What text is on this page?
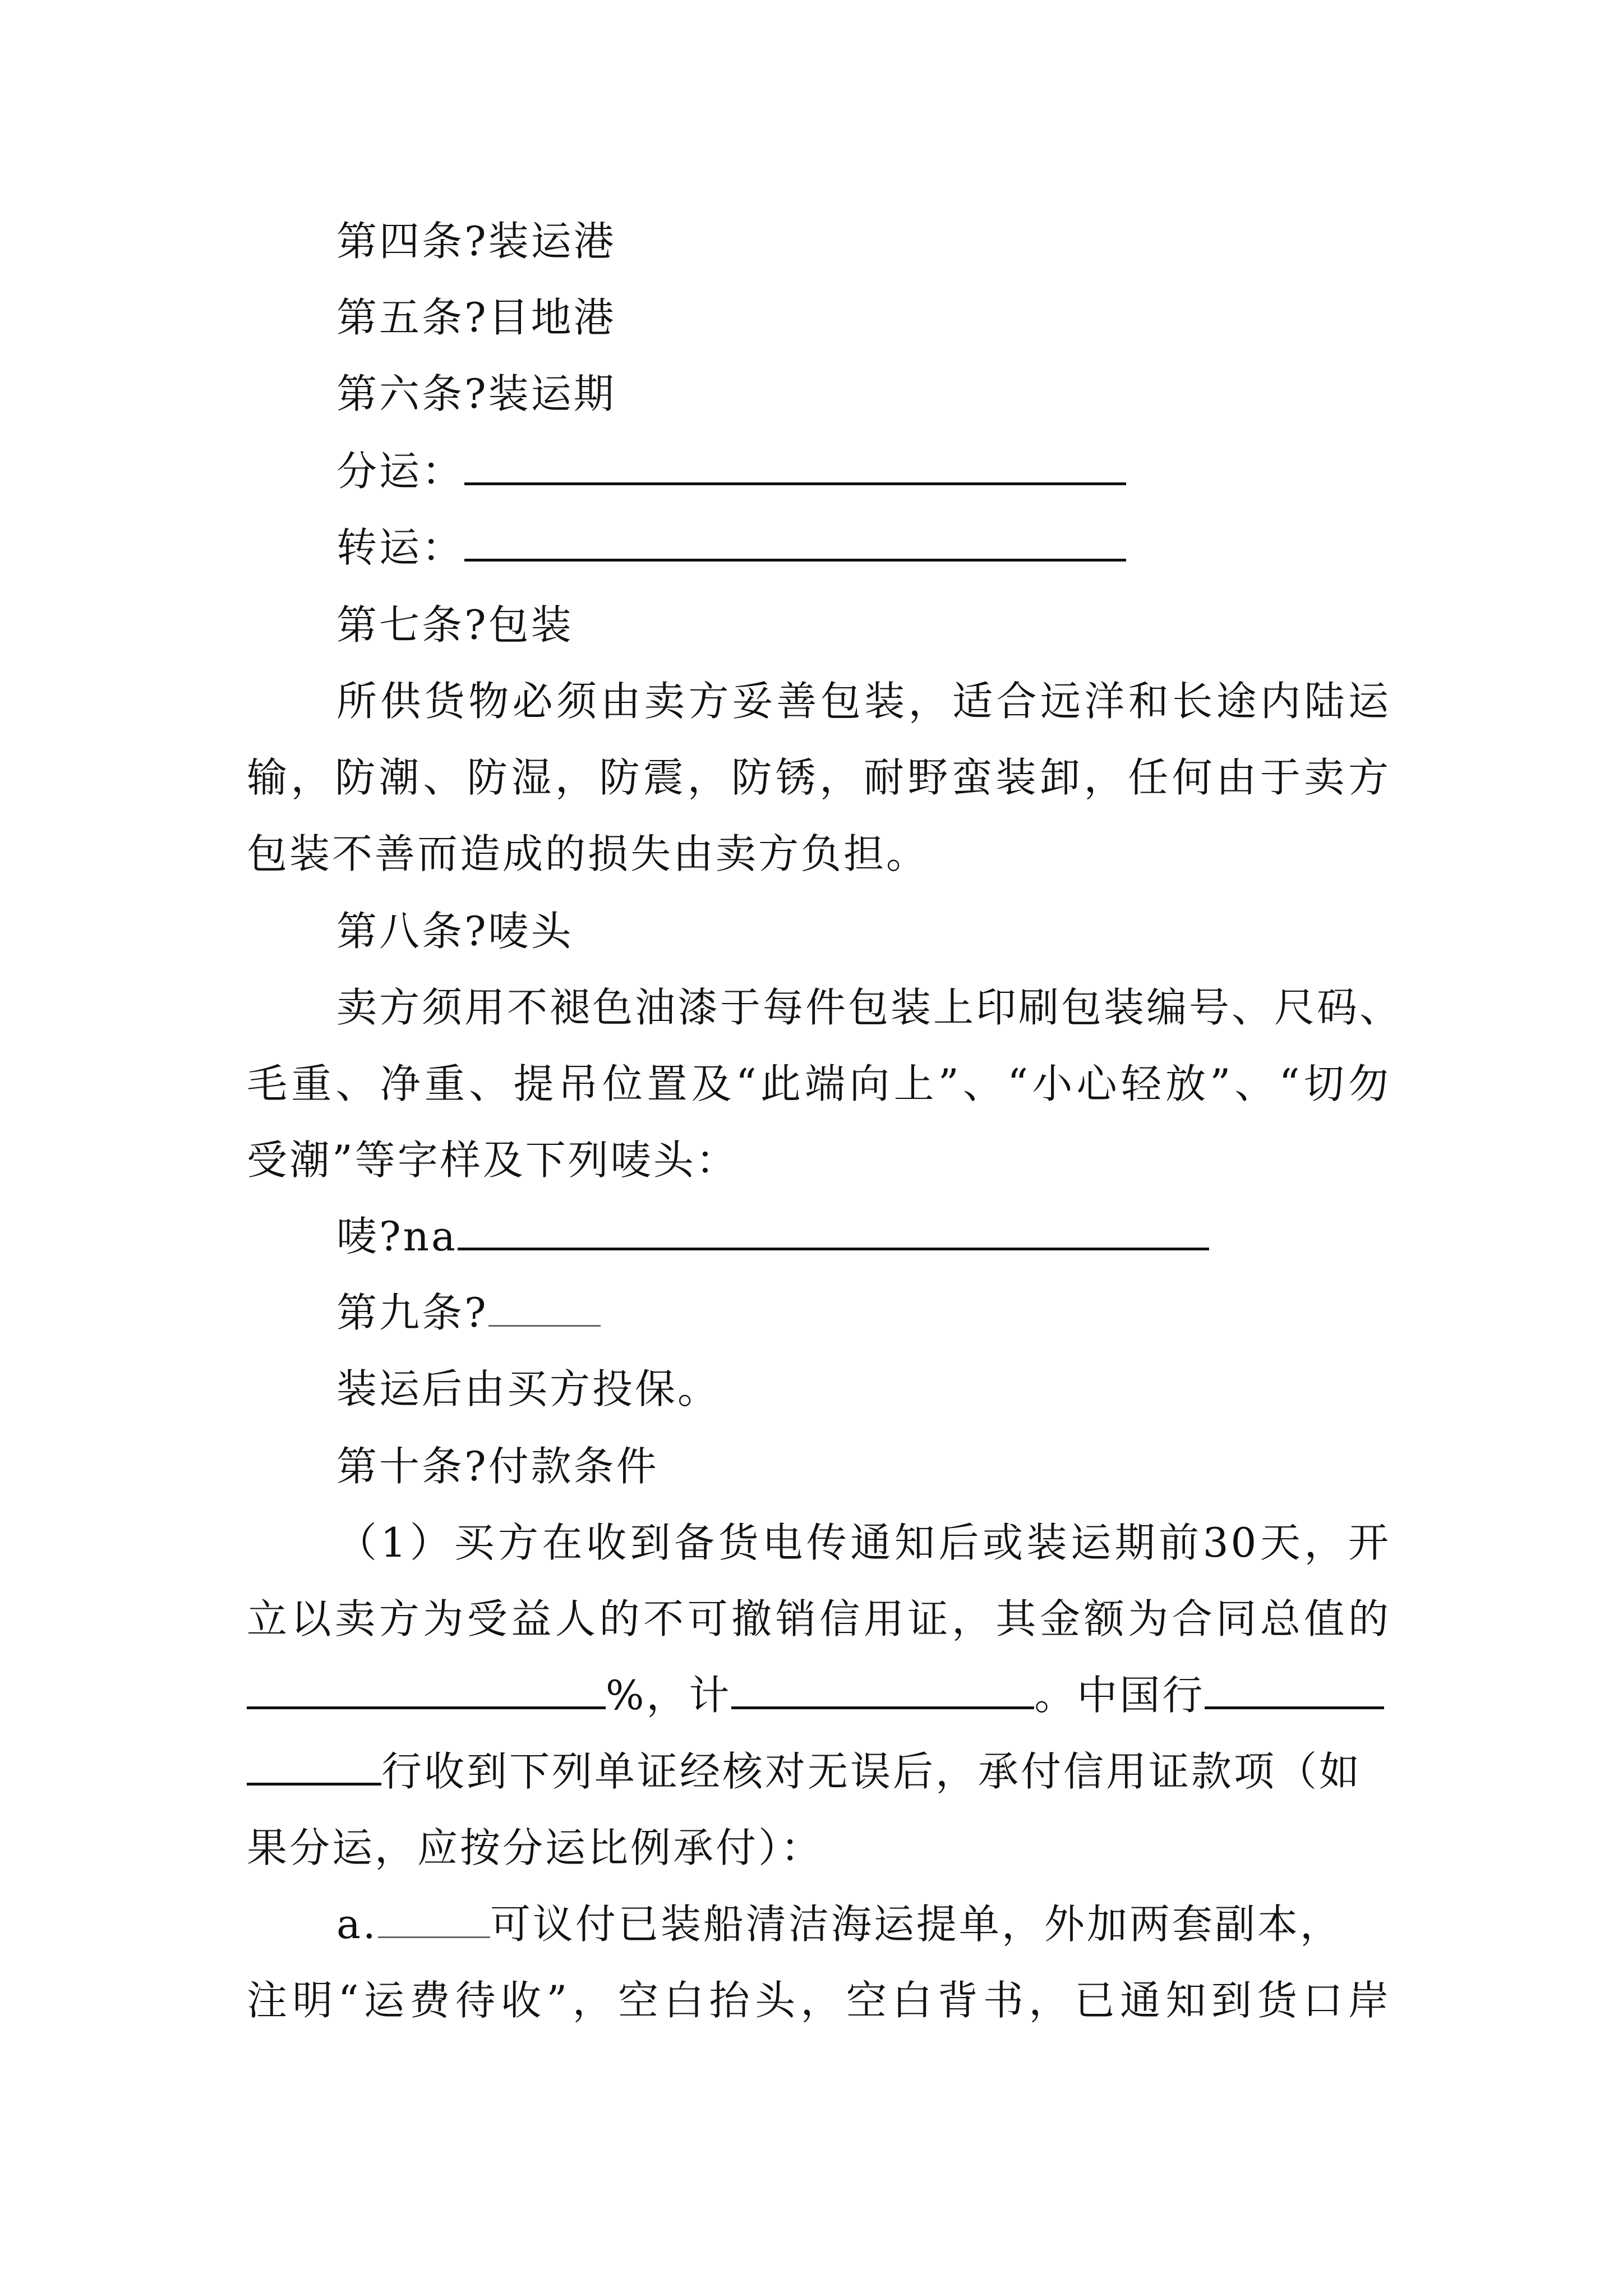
第四条?装运港
第五条?目地港
第六条?装运期
分运：
转运：
第七条?包装
所供货物必须由卖方妥善包装，适合远洋和长途内陆运
输，防潮、防湿，防震，防锈，耐野蛮装卸，任何由于卖方
包装不善而造成的损失由卖方负担。
第八条?唛头
卖方须用不褪色油漆于每件包装上印刷包装编号、尺码、
毛重、净重、提吊位置及“此端向上”、“小心轻放”、“切勿
受潮”等字样及下列唛头：
唛?na
第九条?
装运后由买方投保。
第十条?付款条件
（1）买方在收到备货电传通知后或装运期前30天，开
立以卖方为受益人的不可撤销信用证，其金额为合同总值的
%，计	。中国行
行收到下列单证经核对无误后，承付信用证款项（如
果分运，应按分运比例承付）：
a.	可议付已装船清洁海运提单，外加两套副本，
注明“运费待收”，空白抬头，空白背书，已通知到货口岸
